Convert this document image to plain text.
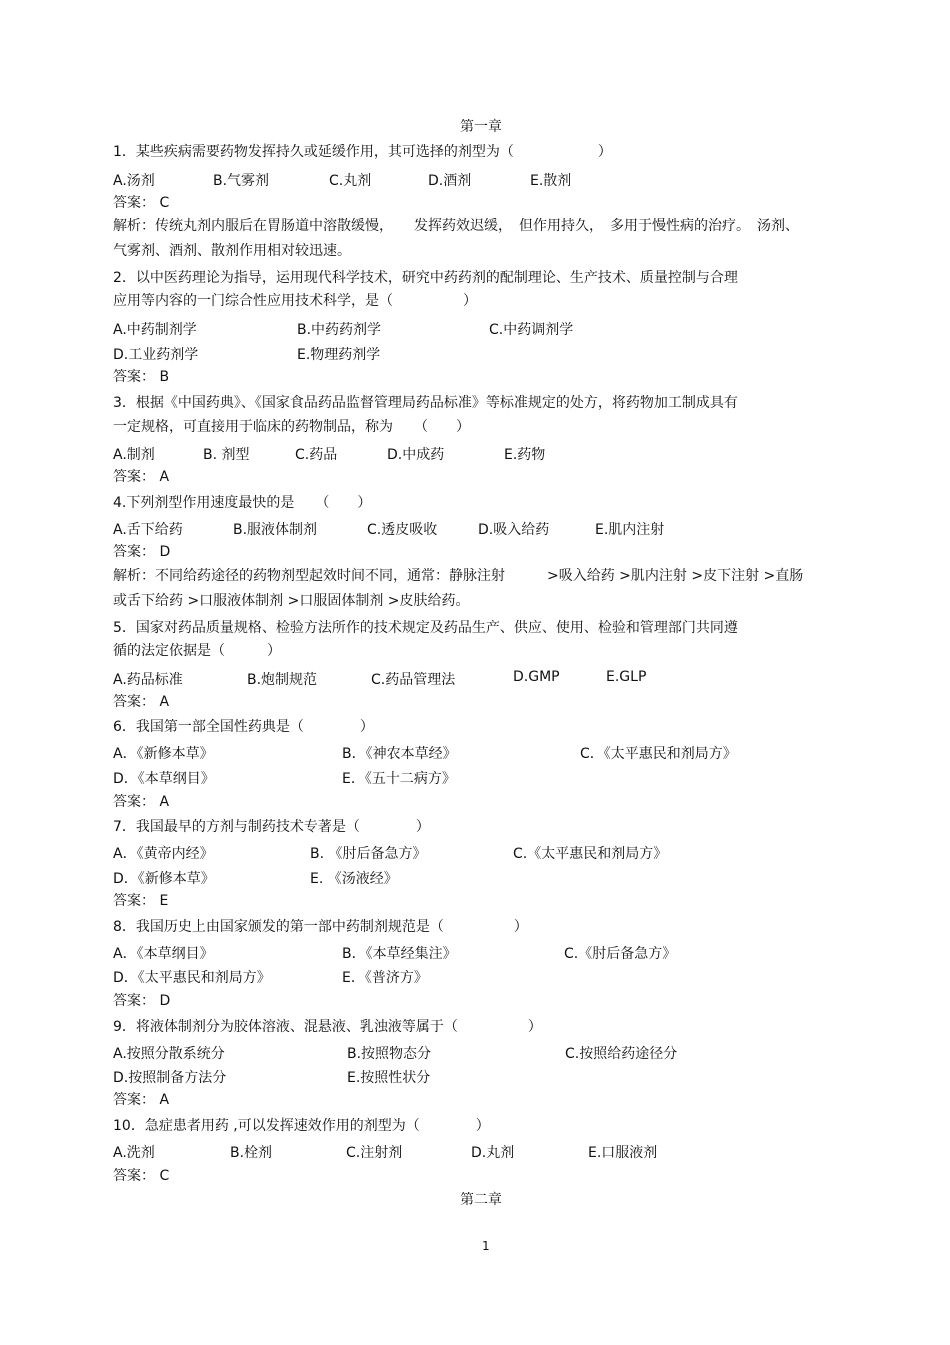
第一章
1．某些疾病需要药物发挥持久或延缓作用，其可选择的剂型为（　　　　　　）
A.汤剂	B.气雾剂	C.丸剂	D.酒剂	E.散剂
答案： C
解析：传统丸剂内服后在胃肠道中溶散缓慢，　　发挥药效迟缓，　但作用持久，　多用于慢性病的治疗。　汤剂、
气雾剂、酒剂、散剂作用相对较迅速。
2．以中医药理论为指导，运用现代科学技术，研究中药药剂的配制理论、生产技术、质量控制与合理
应用等内容的一门综合性应用技术科学，是（　　　　　）
A.中药制剂学	B.中药药剂学	C.中药调剂学
D.工业药剂学	E.物理药剂学
答案： B
3．根据《中国药典》、《国家食品药品监督管理局药品标准》等标准规定的处方，将药物加工制成具有
一定规格，可直接用于临床的药物制品，称为　　（　　）
A.制剂	B. 剂型	C.药品	D.中成药	E.药物
答案： A
4.下列剂型作用速度最快的是　　（　　）
A.舌下给药	B.服液体制剂	C.透皮吸收	D.吸入给药	E.肌内注射
答案： D
解析：不同给药途径的药物剂型起效时间不同，通常：静脉注射　　　>吸入给药 >肌内注射 >皮下注射 >直肠
或舌下给药 >口服液体制剂 >口服固体制剂 >皮肤给药。
5．国家对药品质量规格、检验方法所作的技术规定及药品生产、供应、使用、检验和管理部门共同遵
循的法定依据是（　　　）
A.药品标准	B.炮制规范	C.药品管理法	D.GMP	E.GLP
答案： A
6．我国第一部全国性药典是（　　　　）
A．《新修本草》	B．《神农本草经》	C．《太平惠民和剂局方》
D．《本草纲目》	E．《五十二病方》
答案： A
7．我国最早的方剂与制药技术专著是（　　　　）
A．《黄帝内经》	B. 《肘后备急方》	C.《太平惠民和剂局方》
D．《新修本草》	E. 《汤液经》
答案： E
8．我国历史上由国家颁发的第一部中药制剂规范是（　　　　　）
A．《本草纲目》	B．《本草经集注》	C.《肘后备急方》
D．《太平惠民和剂局方》	E．《普济方》
答案： D
9．将液体制剂分为胶体溶液、混悬液、乳浊液等属于（　　　　　）
A.按照分散系统分	B.按照物态分	C.按照给药途径分
D.按照制备方法分	E.按照性状分
答案： A
10．急症患者用药 ,可以发挥速效作用的剂型为（　　　　）
A.洗剂	B.栓剂	C.注射剂	D.丸剂	E.口服液剂
答案： C
第二章
1
